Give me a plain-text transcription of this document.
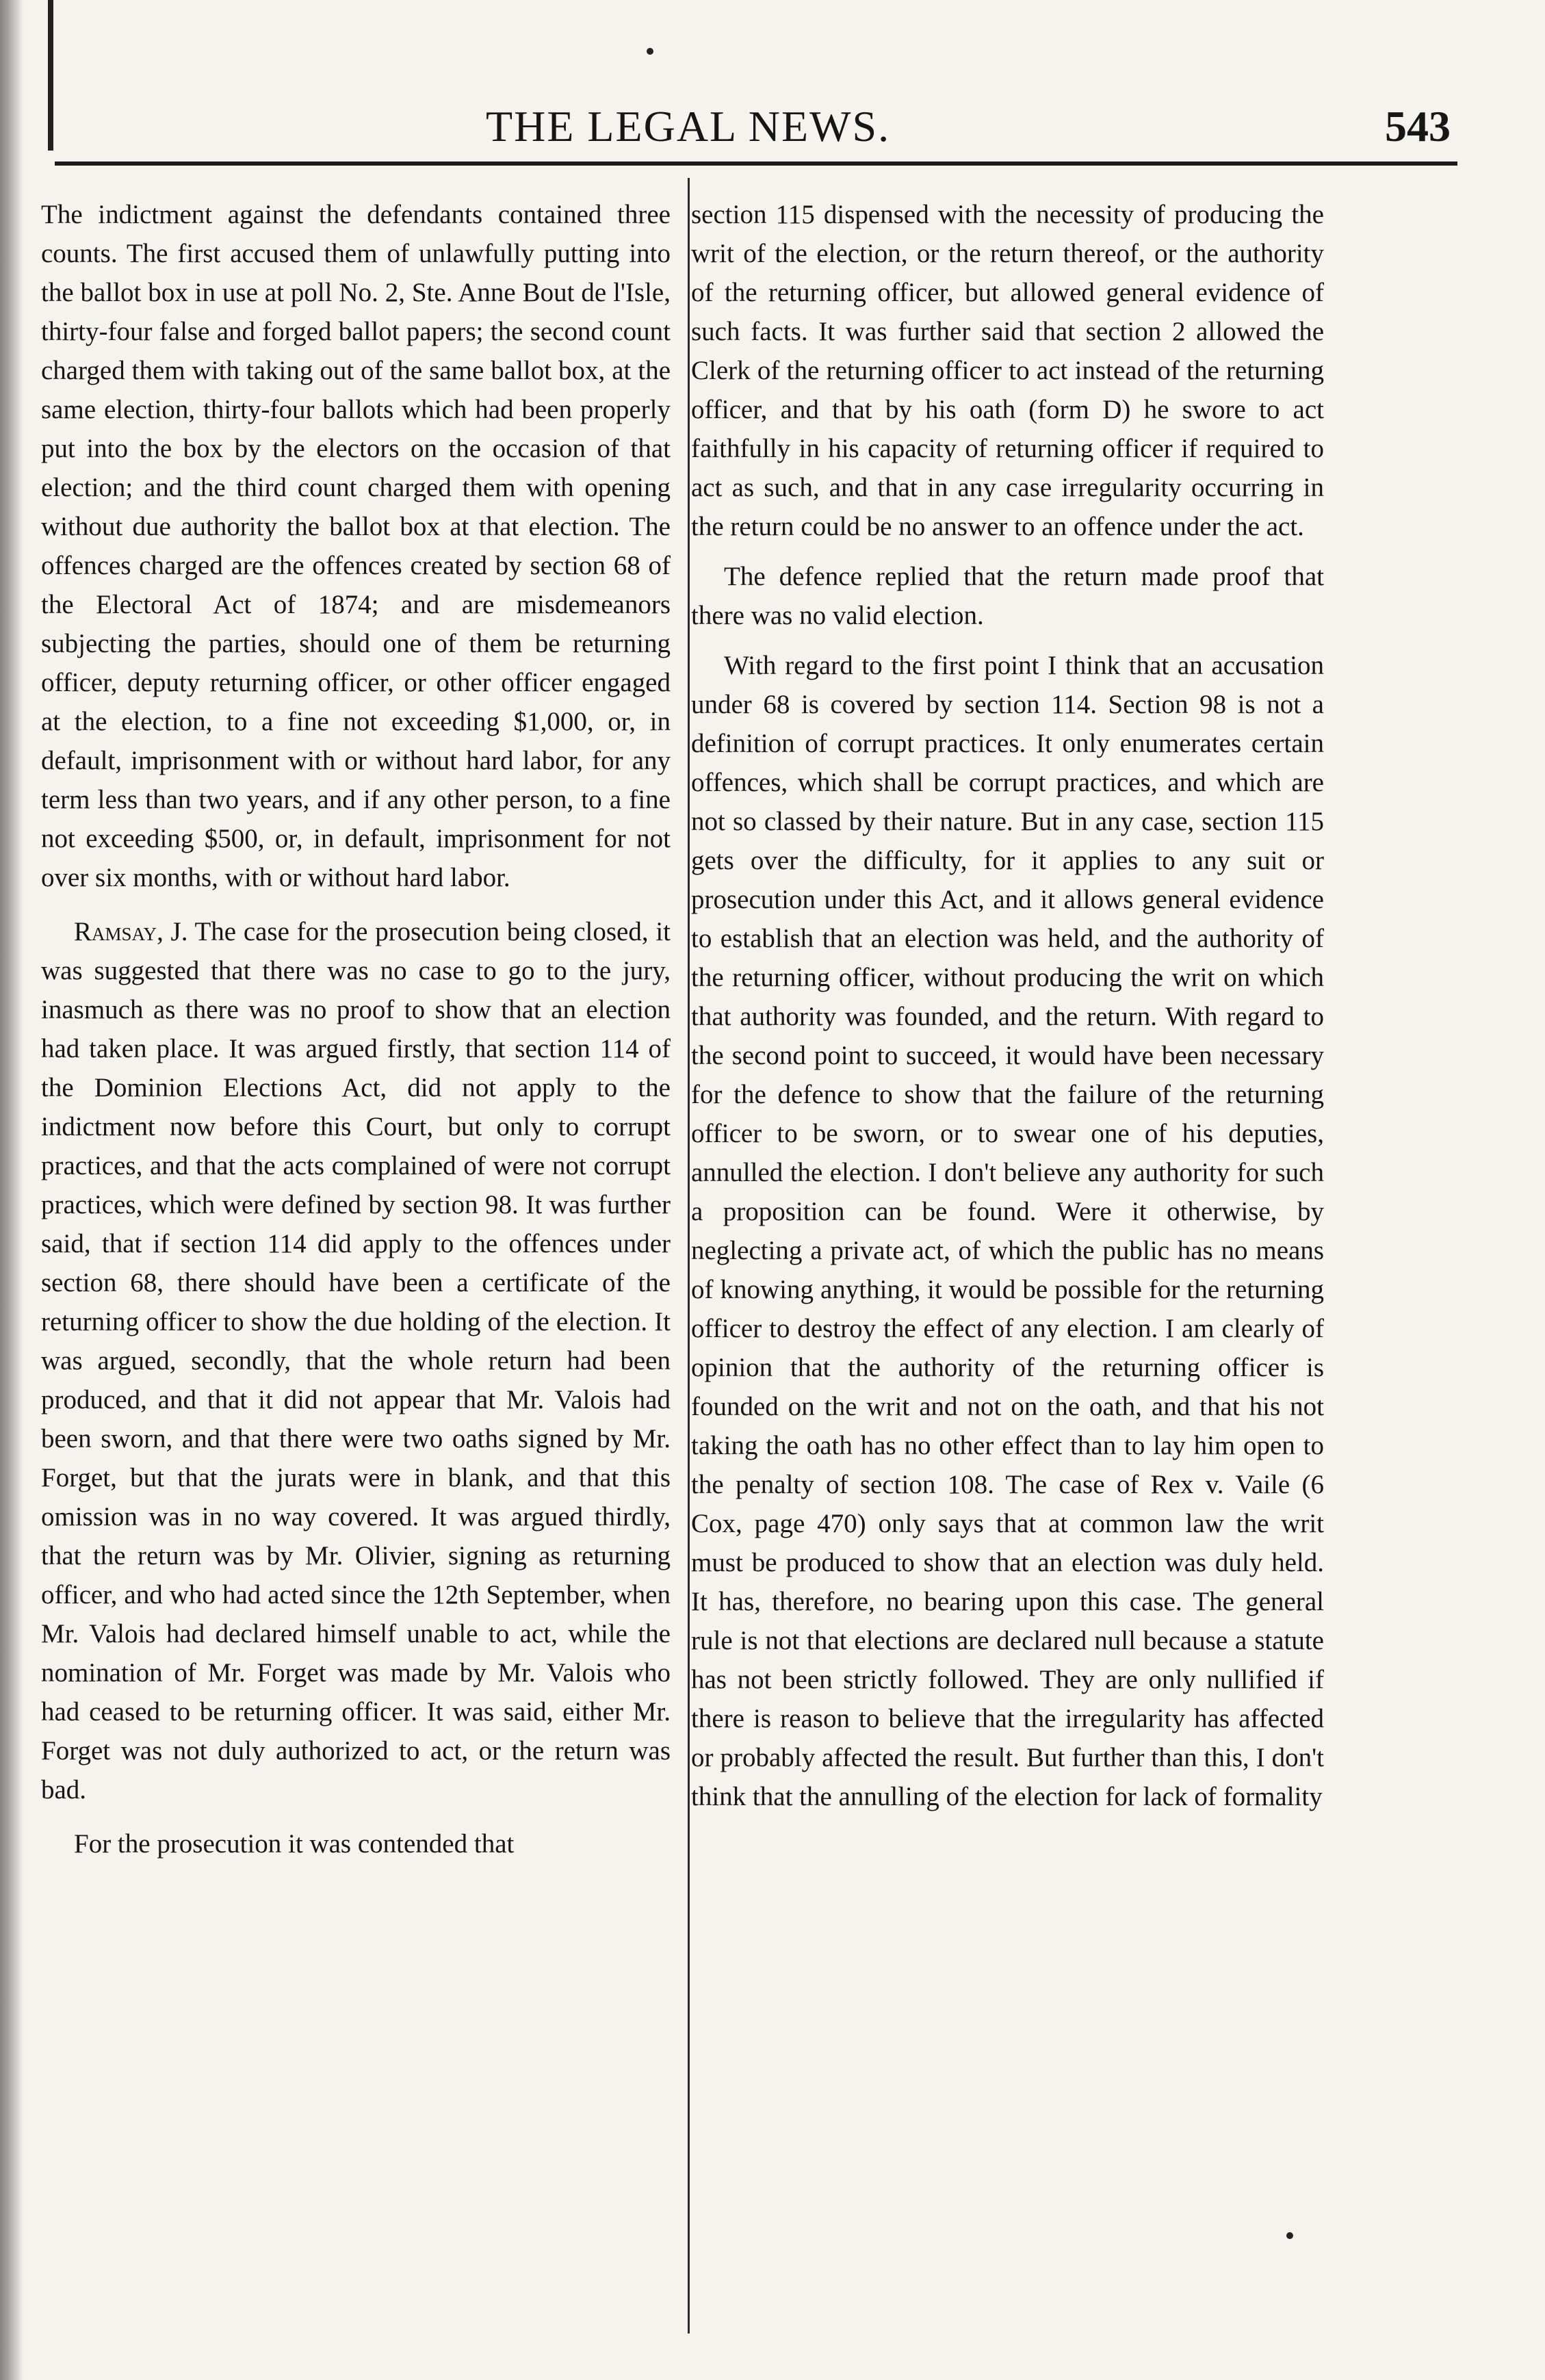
THE LEGAL NEWS.	543

The indictment against the defendants contained three counts. The first accused them of unlawfully putting into the ballot box in use at poll No. 2, Ste. Anne Bout de l'Isle, thirty-four false and forged ballot papers; the second count charged them with taking out of the same ballot box, at the same election, thirty-four ballots which had been properly put into the box by the electors on the occasion of that election; and the third count charged them with opening without due authority the ballot box at that election. The offences charged are the offences created by section 68 of the Electoral Act of 1874; and are misdemeanors subjecting the parties, should one of them be returning officer, deputy returning officer, or other officer engaged at the election, to a fine not exceeding $1,000, or, in default, imprisonment with or without hard labor, for any term less than two years, and if any other person, to a fine not exceeding $500, or, in default, imprisonment for not over six months, with or without hard labor.

Ramsay, J. The case for the prosecution being closed, it was suggested that there was no case to go to the jury, inasmuch as there was no proof to show that an election had taken place. It was argued firstly, that section 114 of the Dominion Elections Act, did not apply to the indictment now before this Court, but only to corrupt practices, and that the acts complained of were not corrupt practices, which were defined by section 98. It was further said, that if section 114 did apply to the offences under section 68, there should have been a certificate of the returning officer to show the due holding of the election. It was argued, secondly, that the whole return had been produced, and that it did not appear that Mr. Valois had been sworn, and that there were two oaths signed by Mr. Forget, but that the jurats were in blank, and that this omission was in no way covered. It was argued thirdly, that the return was by Mr. Olivier, signing as returning officer, and who had acted since the 12th September, when Mr. Valois had declared himself unable to act, while the nomination of Mr. Forget was made by Mr. Valois who had ceased to be returning officer. It was said, either Mr. Forget was not duly authorized to act, or the return was bad.

For the prosecution it was contended that

section 115 dispensed with the necessity of producing the writ of the election, or the return thereof, or the authority of the returning officer, but allowed general evidence of such facts. It was further said that section 2 allowed the Clerk of the returning officer to act instead of the returning officer, and that by his oath (form D) he swore to act faithfully in his capacity of returning officer if required to act as such, and that in any case irregularity occurring in the return could be no answer to an offence under the act.

The defence replied that the return made proof that there was no valid election.

With regard to the first point I think that an accusation under 68 is covered by section 114. Section 98 is not a definition of corrupt practices. It only enumerates certain offences, which shall be corrupt practices, and which are not so classed by their nature. But in any case, section 115 gets over the difficulty, for it applies to any suit or prosecution under this Act, and it allows general evidence to establish that an election was held, and the authority of the returning officer, without producing the writ on which that authority was founded, and the return. With regard to the second point to succeed, it would have been necessary for the defence to show that the failure of the returning officer to be sworn, or to swear one of his deputies, annulled the election. I don't believe any authority for such a proposition can be found. Were it otherwise, by neglecting a private act, of which the public has no means of knowing anything, it would be possible for the returning officer to destroy the effect of any election. I am clearly of opinion that the authority of the returning officer is founded on the writ and not on the oath, and that his not taking the oath has no other effect than to lay him open to the penalty of section 108. The case of Rex v. Vaile (6 Cox, page 470) only says that at common law the writ must be produced to show that an election was duly held. It has, therefore, no bearing upon this case. The general rule is not that elections are declared null because a statute has not been strictly followed. They are only nullified if there is reason to believe that the irregularity has affected or probably affected the result. But further than this, I don't think that the annulling of the election for lack of formality
